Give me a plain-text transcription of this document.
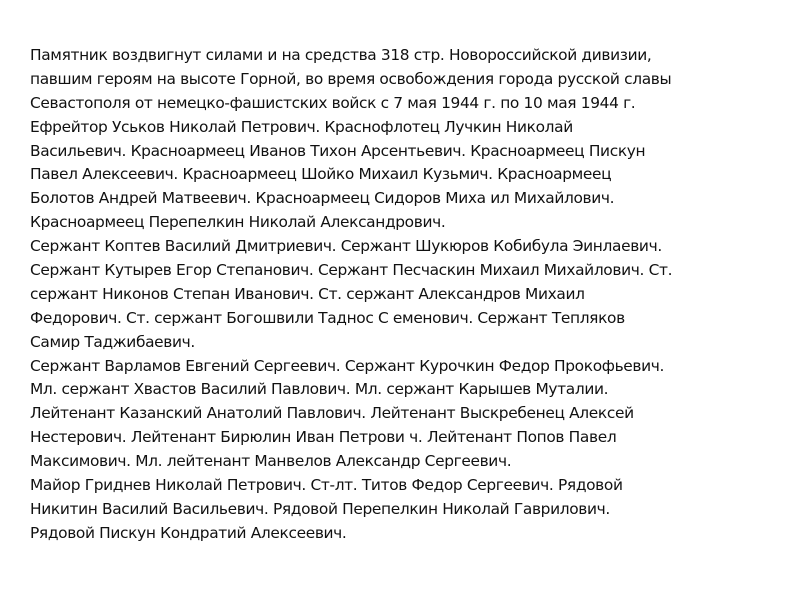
Памятник воздвигнут силами и на средства 318 стр. Новороссийской дивизии,
павшим героям на высоте Горной, во время освобождения города русской славы
Севастополя от немецко-фашистских войск с 7 мая 1944 г. по 10 мая 1944 г.
Ефрейтор Уськов Николай Петрович. Краснофлотец Лучкин Николай
Васильевич. Красноармеец Иванов Тихон Арсентьевич. Красноармеец Пискун
Павел Алексеевич. Красноармеец Шойко Михаил Кузьмич. Красноармеец
Болотов Андрей Матвеевич. Красноармеец Сидоров Миха ил Михайлович.
Красноармеец Перепелкин Николай Александрович.
Сержант Коптев Василий Дмитриевич. Сержант Шукюров Кобибула Эинлаевич.
Сержант Кутырев Егор Степанович. Сержант Песчаскин Михаил Михайлович. Ст.
сержант Никонов Степан Иванович. Ст. сержант Александров Михаил
Федорович. Ст. сержант Богошвили Таднос С еменович. Сержант Тепляков
Самир Таджибаевич.
Сержант Варламов Евгений Сергеевич. Сержант Курочкин Федор Прокофьевич.
Мл. сержант Хвастов Василий Павлович. Мл. сержант Карышев Муталии.
Лейтенант Казанский Анатолий Павлович. Лейтенант Выскребенец Алексей
Нестерович. Лейтенант Бирюлин Иван Петрови ч. Лейтенант Попов Павел
Максимович. Мл. лейтенант Манвелов Александр Сергеевич.
Майор Гриднев Николай Петрович. Ст-лт. Титов Федор Сергеевич. Рядовой
Никитин Василий Васильевич. Рядовой Перепелкин Николай Гаврилович.
Рядовой Пискун Кондратий Алексеевич.
